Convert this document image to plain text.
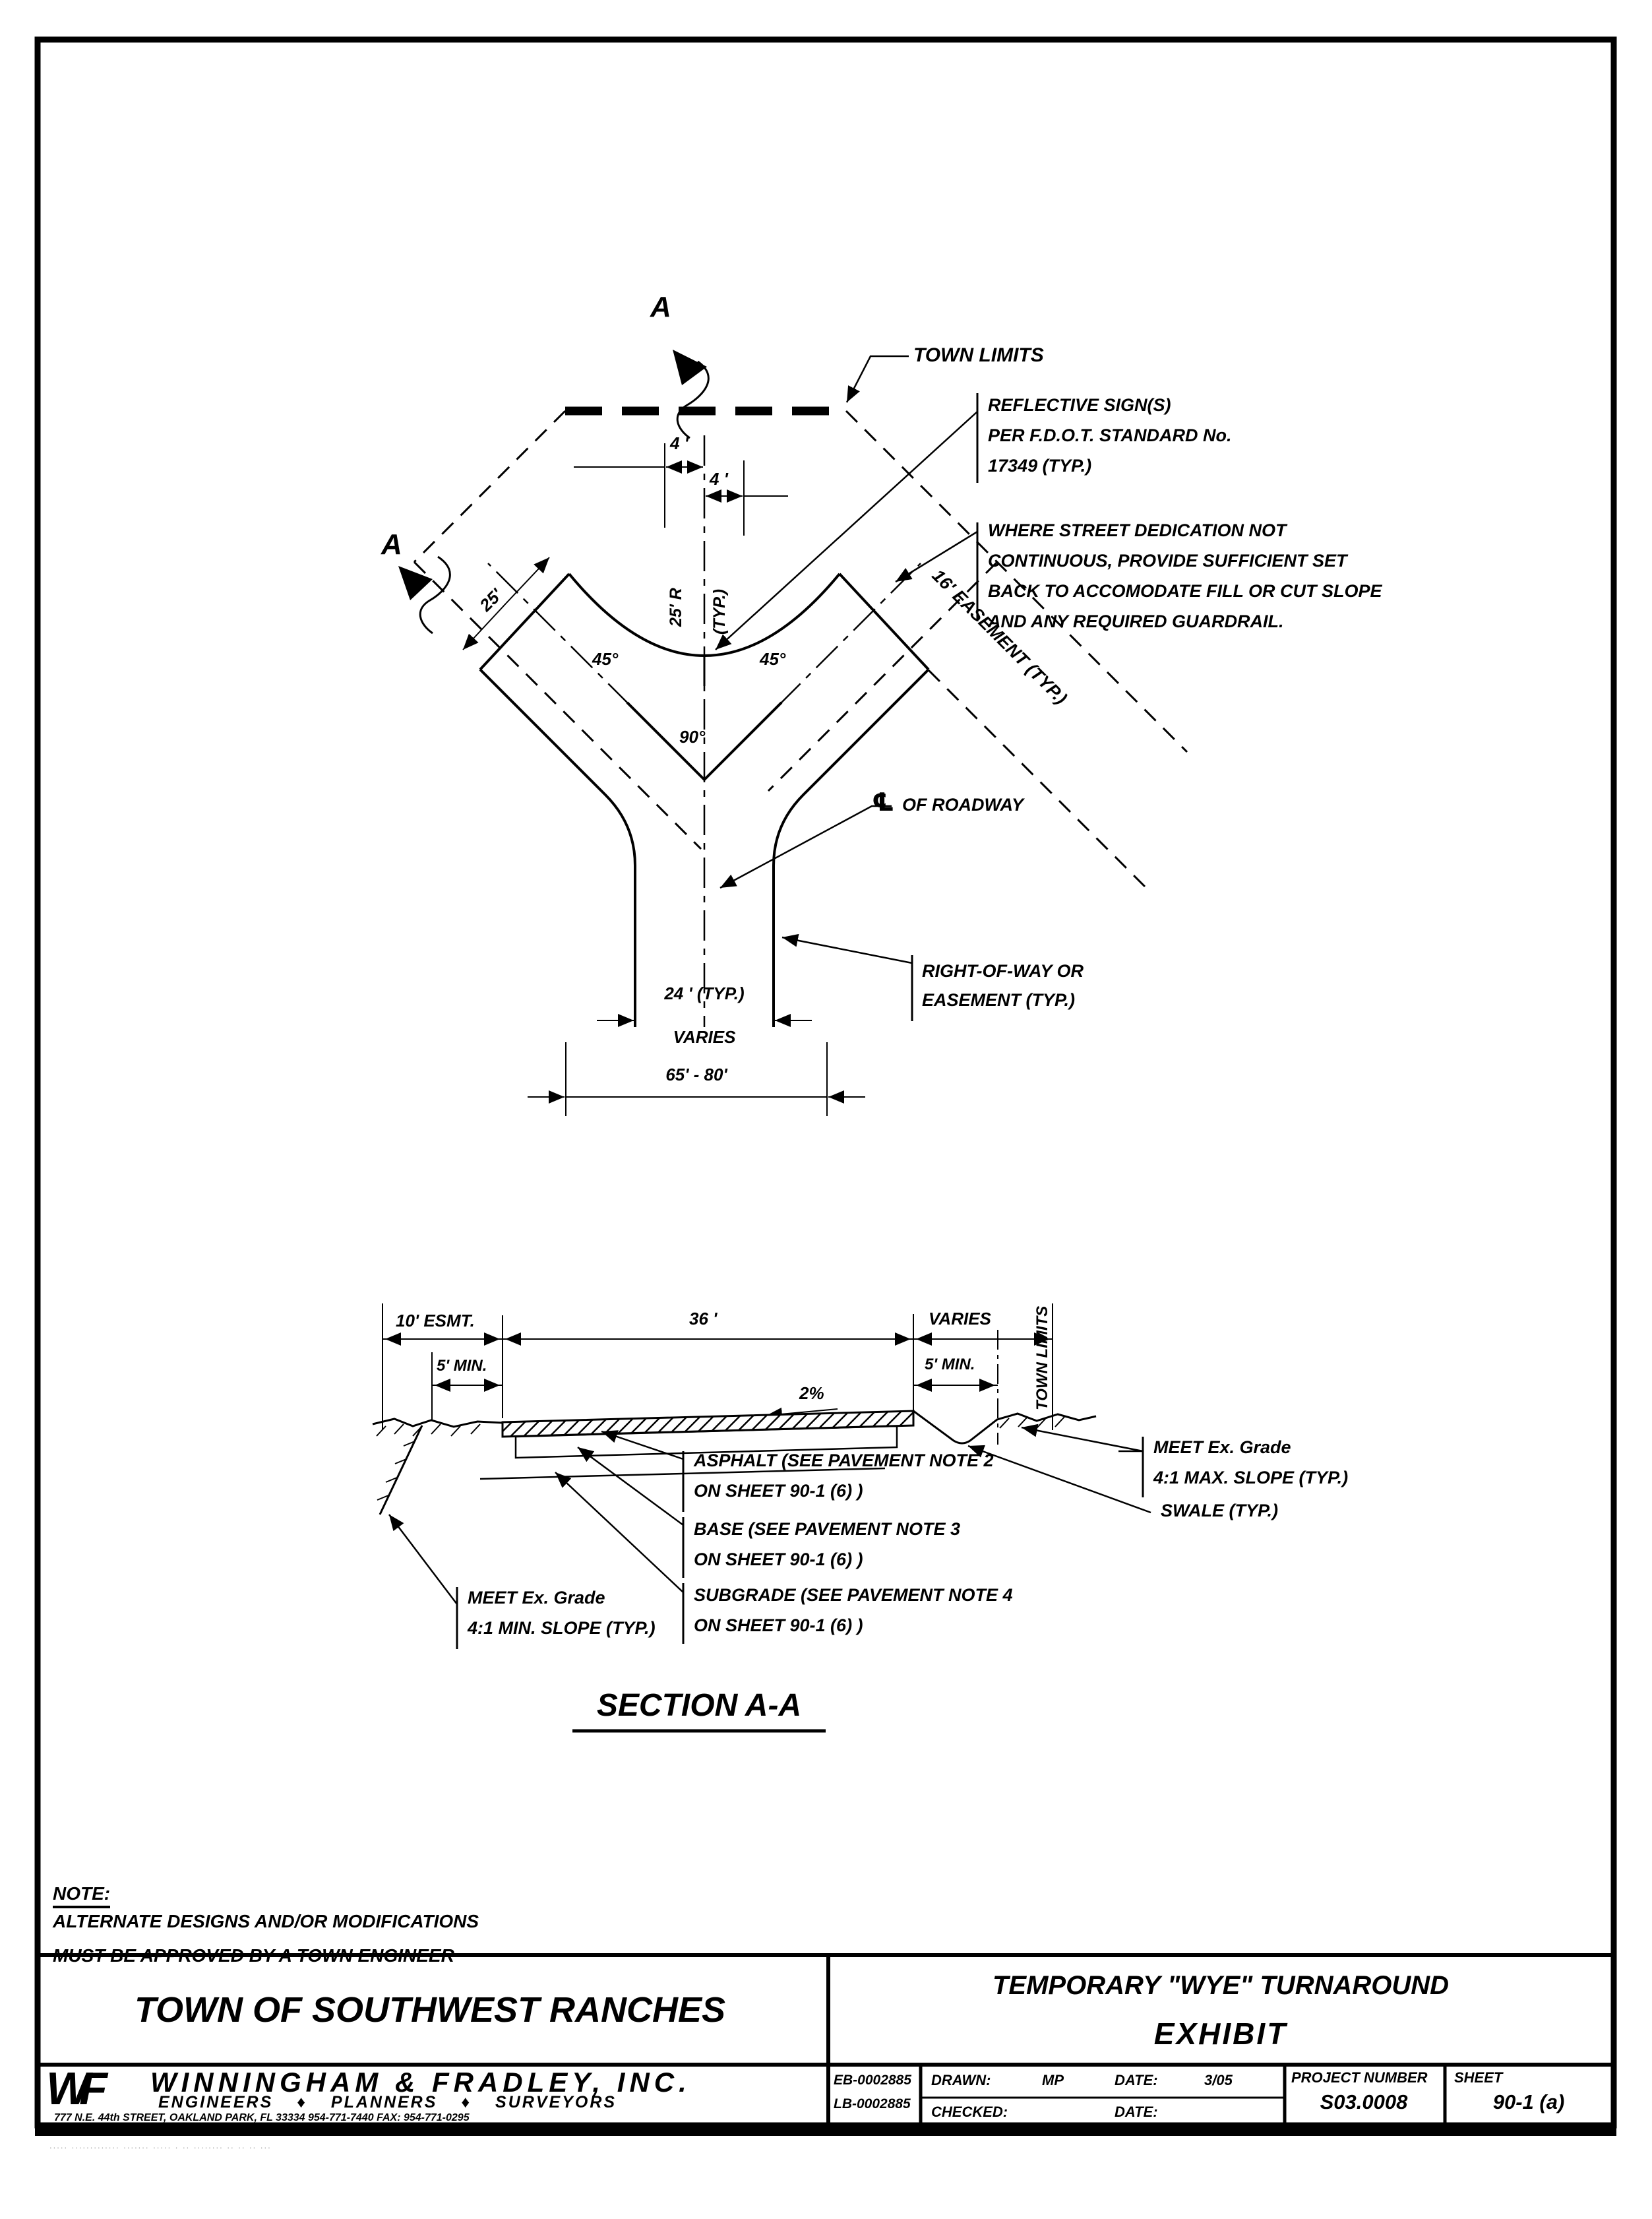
A
A
TOWN LIMITS
REFLECTIVE SIGN(S)
PER F.D.O.T. STANDARD No.
17349 (TYP.)
WHERE STREET DEDICATION NOT
CONTINUOUS, PROVIDE SUFFICIENT SET
BACK TO ACCOMODATE FILL OR CUT SLOPE
AND ANY REQUIRED GUARDRAIL.
16' EASEMENT (TYP.)
℄ OF ROADWAY
RIGHT-OF-WAY OR
EASEMENT (TYP.)
4 '
4 '
25'
45°	45°
90°
25' R (TYP.)
24 ' (TYP.)
VARIES
65' - 80'
10' ESMT.
5' MIN.
36 '	VARIES
5' MIN.	TOWN LIMITS
2%
ASPHALT (SEE PAVEMENT NOTE 2
ON SHEET 90-1 (6) )
BASE (SEE PAVEMENT NOTE 3
ON SHEET 90-1 (6) )
SUBGRADE (SEE PAVEMENT NOTE 4
ON SHEET 90-1 (6) )
MEET Ex. Grade
4:1 MAX. SLOPE (TYP.)
SWALE (TYP.)
MEET Ex. Grade
4:1 MIN. SLOPE (TYP.)
SECTION A-A
NOTE:
ALTERNATE DESIGNS AND/OR MODIFICATIONS
MUST BE APPROVED BY A TOWN ENGINEER
TOWN OF SOUTHWEST RANCHES
TEMPORARY "WYE" TURNAROUND
EXHIBIT
WF WINNINGHAM & FRADLEY, INC.
ENGINEERS ♦ PLANNERS ♦ SURVEYORS
777 N.E. 44th STREET, OAKLAND PARK, FL 33334 954-771-7440 FAX: 954-771-0295
EB-0002885
LB-0002885
DRAWN:	MP	DATE:	3/05
CHECKED:	DATE:
PROJECT NUMBER
S03.0008
SHEET
90-1 (a)
..... ............. ....... ..... . .. ........ .. .. .. ...
